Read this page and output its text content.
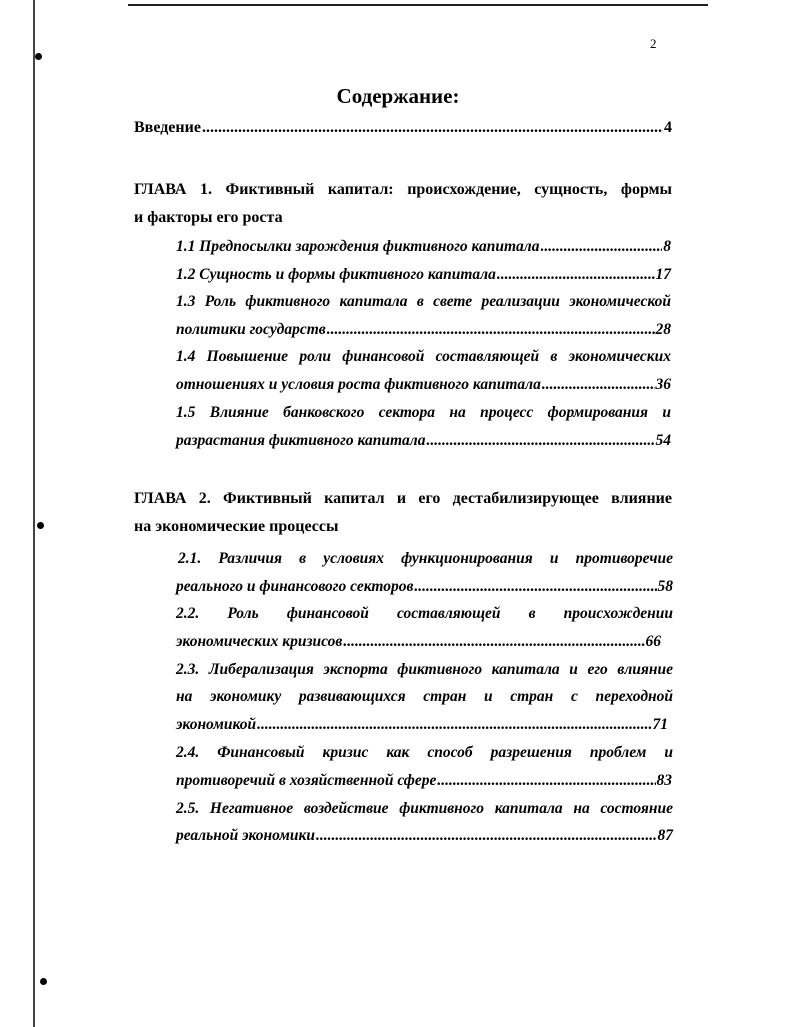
2
Содержание:
Введение .....	4
ГЛАВА 1. Фиктивный капитал: происхождение, сущность, формы
и факторы его роста
1.1 Предпосылки зарождения фиктивного капитала .....	8
1.2 Сущность и формы фиктивного капитала .....	17
1.3 Роль фиктивного капитала в свете реализации экономической
политики государств .....	28
1.4 Повышение роли финансовой составляющей в экономических
отношениях и условия роста фиктивного капитала .....	36
1.5 Влияние банковского сектора на процесс формирования и
разрастания фиктивного капитала .....	54
ГЛАВА 2. Фиктивный капитал и его дестабилизирующее влияние
на экономические процессы
2.1. Различия в условиях функционирования и противоречие
реального и финансового секторов .....	58
2.2. Роль финансовой составляющей в происхождении
экономических кризисов .....	66
2.3. Либерализация экспорта фиктивного капитала и его влияние
на экономику развивающихся стран и стран с переходной
экономикой .....	71
2.4. Финансовый кризис как способ разрешения проблем и
противоречий в хозяйственной сфере .....	83
2.5. Негативное воздействие фиктивного капитала на состояние
реальной экономики .....	87
